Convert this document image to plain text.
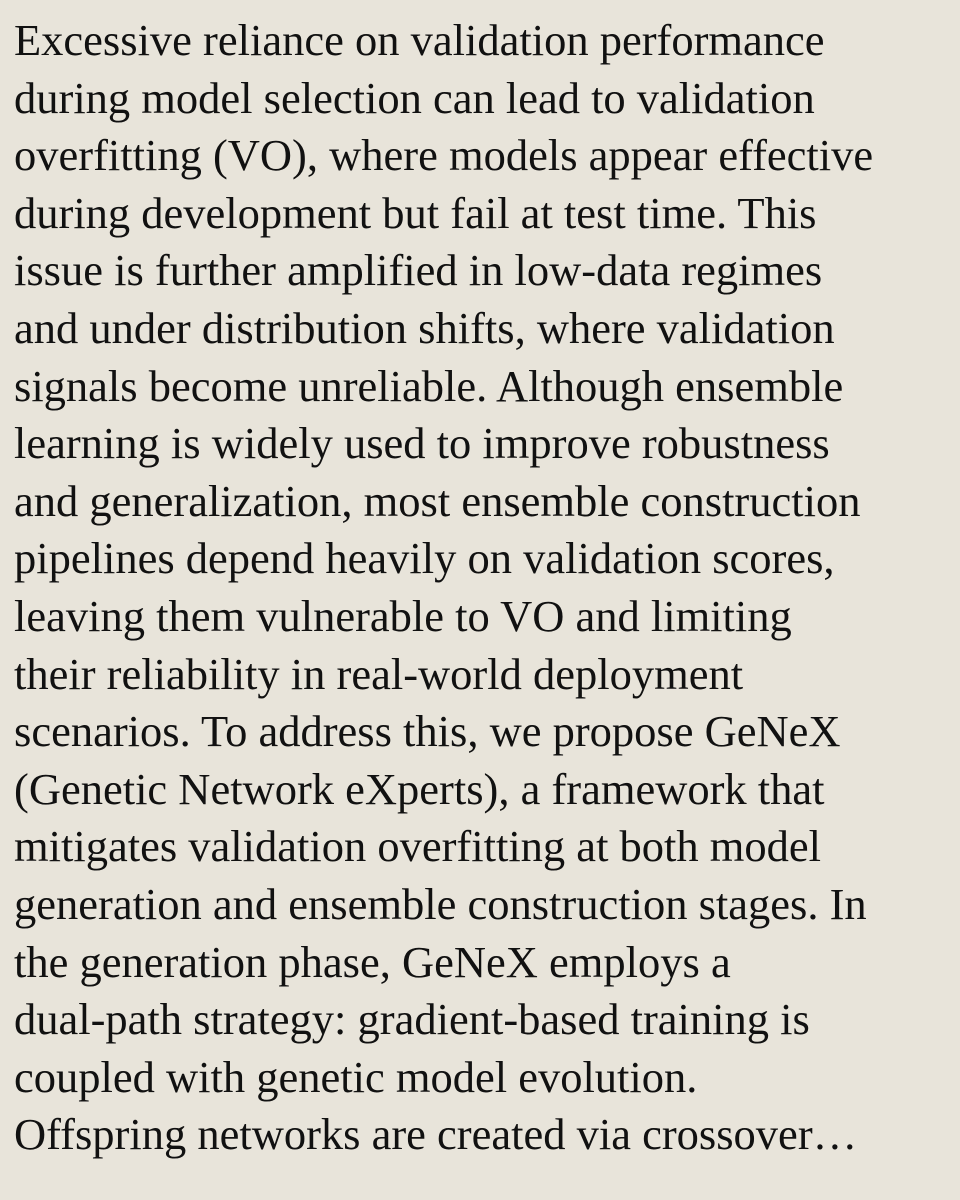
Excessive reliance on validation performance
during model selection can lead to validation
overfitting (VO), where models appear effective
during development but fail at test time. This
issue is further amplified in low-data regimes
and under distribution shifts, where validation
signals become unreliable. Although ensemble
learning is widely used to improve robustness
and generalization, most ensemble construction
pipelines depend heavily on validation scores,
leaving them vulnerable to VO and limiting
their reliability in real-world deployment
scenarios. To address this, we propose GeNeX
(Genetic Network eXperts), a framework that
mitigates validation overfitting at both model
generation and ensemble construction stages. In
the generation phase, GeNeX employs a
dual-path strategy: gradient-based training is
coupled with genetic model evolution.
Offspring networks are created via crossover…
